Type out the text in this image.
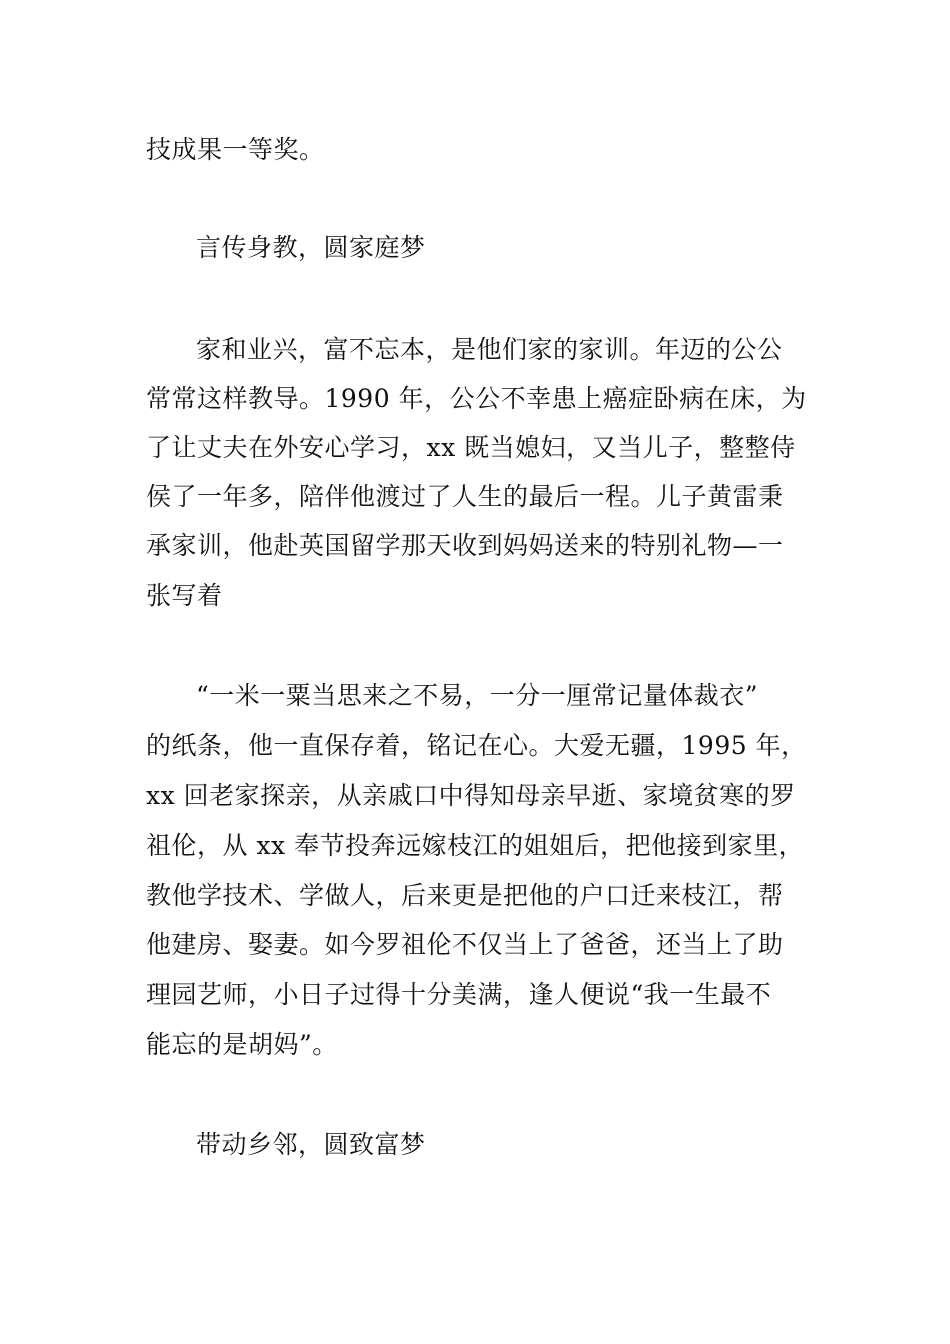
技成果一等奖。
言传身教，圆家庭梦
家和业兴，富不忘本，是他们家的家训。年迈的公公
常常这样教导。1990 年，公公不幸患上癌症卧病在床，为
了让丈夫在外安心学习，xx 既当媳妇，又当儿子，整整侍
侯了一年多，陪伴他渡过了人生的最后一程。儿子黄雷秉
承家训，他赴英国留学那天收到妈妈送来的特别礼物—一
张写着
“一米一粟当思来之不易，一分一厘常记量体裁衣”
的纸条，他一直保存着，铭记在心。大爱无疆，1995 年，
xx 回老家探亲，从亲戚口中得知母亲早逝、家境贫寒的罗
祖伦，从 xx 奉节投奔远嫁枝江的姐姐后，把他接到家里，
教他学技术、学做人，后来更是把他的户口迁来枝江，帮
他建房、娶妻。如今罗祖伦不仅当上了爸爸，还当上了助
理园艺师，小日子过得十分美满，逢人便说“我一生最不
能忘的是胡妈”。
带动乡邻，圆致富梦
